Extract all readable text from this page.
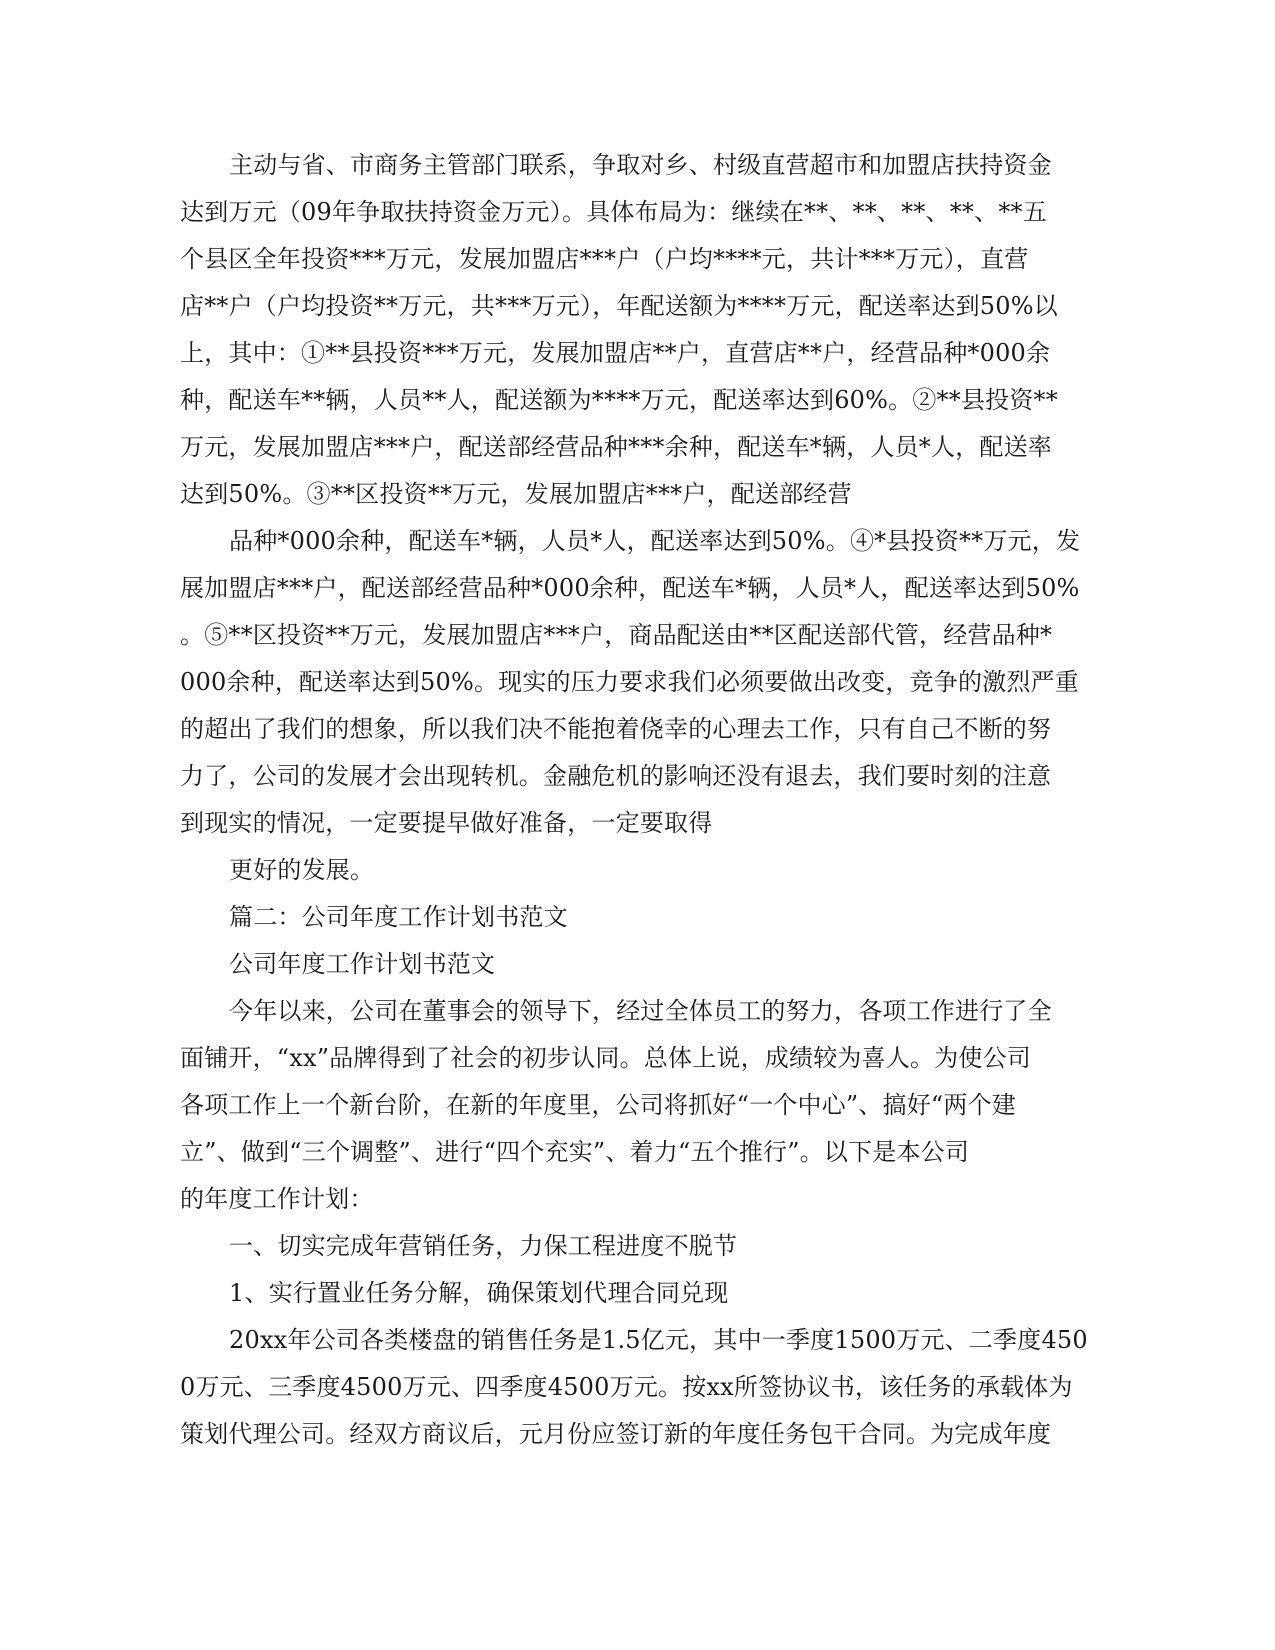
主动与省、市商务主管部门联系，争取对乡、村级直营超市和加盟店扶持资金
达到万元（09年争取扶持资金万元）。具体布局为：继续在**、**、**、**、**五
个县区全年投资***万元，发展加盟店***户（户均****元，共计***万元），直营
店**户（户均投资**万元，共***万元），年配送额为****万元，配送率达到50%以
上，其中：①**县投资***万元，发展加盟店**户，直营店**户，经营品种*000余
种，配送车**辆，人员**人，配送额为****万元，配送率达到60%。②**县投资**
万元，发展加盟店***户，配送部经营品种***余种，配送车*辆，人员*人，配送率
达到50%。③**区投资**万元，发展加盟店***户，配送部经营
品种*000余种，配送车*辆，人员*人，配送率达到50%。④*县投资**万元，发
展加盟店***户，配送部经营品种*000余种，配送车*辆，人员*人，配送率达到50%
。⑤**区投资**万元，发展加盟店***户，商品配送由**区配送部代管，经营品种*
000余种，配送率达到50%。现实的压力要求我们必须要做出改变，竞争的激烈严重
的超出了我们的想象，所以我们决不能抱着侥幸的心理去工作，只有自己不断的努
力了，公司的发展才会出现转机。金融危机的影响还没有退去，我们要时刻的注意
到现实的情况，一定要提早做好准备，一定要取得
更好的发展。
篇二：公司年度工作计划书范文
公司年度工作计划书范文
今年以来，公司在董事会的领导下，经过全体员工的努力，各项工作进行了全
面铺开，“xx”品牌得到了社会的初步认同。总体上说，成绩较为喜人。为使公司
各项工作上一个新台阶，在新的年度里，公司将抓好“一个中心”、搞好“两个建
立”、做到“三个调整”、进行“四个充实”、着力“五个推行”。以下是本公司
的年度工作计划：
一、切实完成年营销任务，力保工程进度不脱节
1、实行置业任务分解，确保策划代理合同兑现
20xx年公司各类楼盘的销售任务是1.5亿元，其中一季度1500万元、二季度450
0万元、三季度4500万元、四季度4500万元。按xx所签协议书，该任务的承载体为
策划代理公司。经双方商议后，元月份应签订新的年度任务包干合同。为完成年度
